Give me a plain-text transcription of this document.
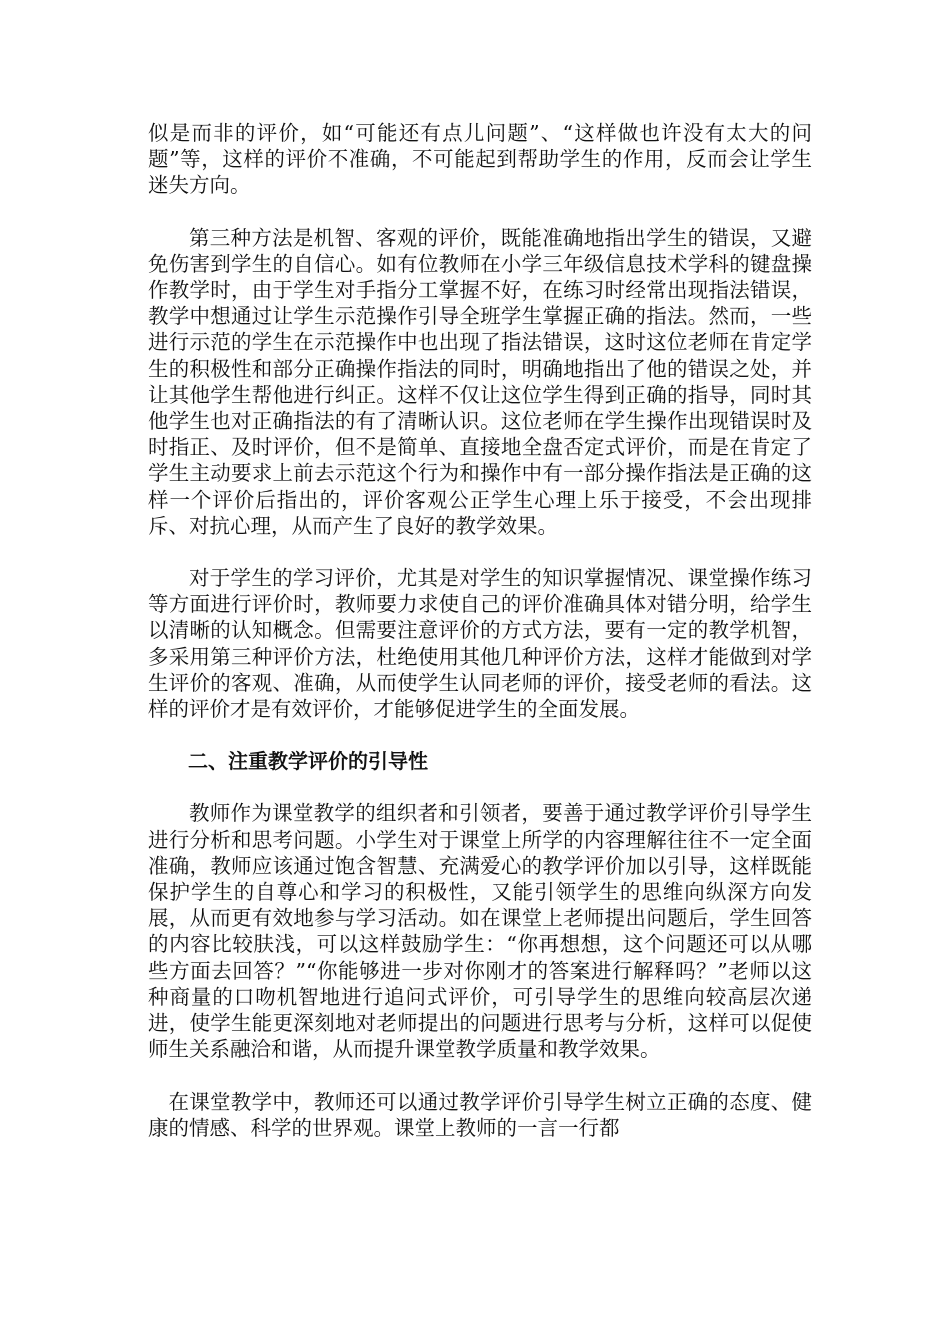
似是而非的评价，如“可能还有点儿问题”、“这样做也许没有太大的问题”等，这样的评价不准确，不可能起到帮助学生的作用，反而会让学生迷失方向。

第三种方法是机智、客观的评价，既能准确地指出学生的错误，又避免伤害到学生的自信心。如有位教师在小学三年级信息技术学科的键盘操作教学时，由于学生对手指分工掌握不好，在练习时经常出现指法错误，教学中想通过让学生示范操作引导全班学生掌握正确的指法。然而，一些进行示范的学生在示范操作中也出现了指法错误，这时这位老师在肯定学生的积极性和部分正确操作指法的同时，明确地指出了他的错误之处，并让其他学生帮他进行纠正。这样不仅让这位学生得到正确的指导，同时其他学生也对正确指法的有了清晰认识。这位老师在学生操作出现错误时及时指正、及时评价，但不是简单、直接地全盘否定式评价，而是在肯定了学生主动要求上前去示范这个行为和操作中有一部分操作指法是正确的这样一个评价后指出的，评价客观公正学生心理上乐于接受，不会出现排斥、对抗心理，从而产生了良好的教学效果。

对于学生的学习评价，尤其是对学生的知识掌握情况、课堂操作练习等方面进行评价时，教师要力求使自己的评价准确具体对错分明，给学生以清晰的认知概念。但需要注意评价的方式方法，要有一定的教学机智，多采用第三种评价方法，杜绝使用其他几种评价方法，这样才能做到对学生评价的客观、准确，从而使学生认同老师的评价，接受老师的看法。这样的评价才是有效评价，才能够促进学生的全面发展。

二、注重教学评价的引导性

教师作为课堂教学的组织者和引领者，要善于通过教学评价引导学生进行分析和思考问题。小学生对于课堂上所学的内容理解往往不一定全面准确，教师应该通过饱含智慧、充满爱心的教学评价加以引导，这样既能保护学生的自尊心和学习的积极性，又能引领学生的思维向纵深方向发展，从而更有效地参与学习活动。如在课堂上老师提出问题后，学生回答的内容比较肤浅，可以这样鼓励学生：“你再想想，这个问题还可以从哪些方面去回答？”“你能够进一步对你刚才的答案进行解释吗？”老师以这种商量的口吻机智地进行追问式评价，可引导学生的思维向较高层次递进，使学生能更深刻地对老师提出的问题进行思考与分析，这样可以促使师生关系融洽和谐，从而提升课堂教学质量和教学效果。

在课堂教学中，教师还可以通过教学评价引导学生树立正确的态度、健康的情感、科学的世界观。课堂上教师的一言一行都
